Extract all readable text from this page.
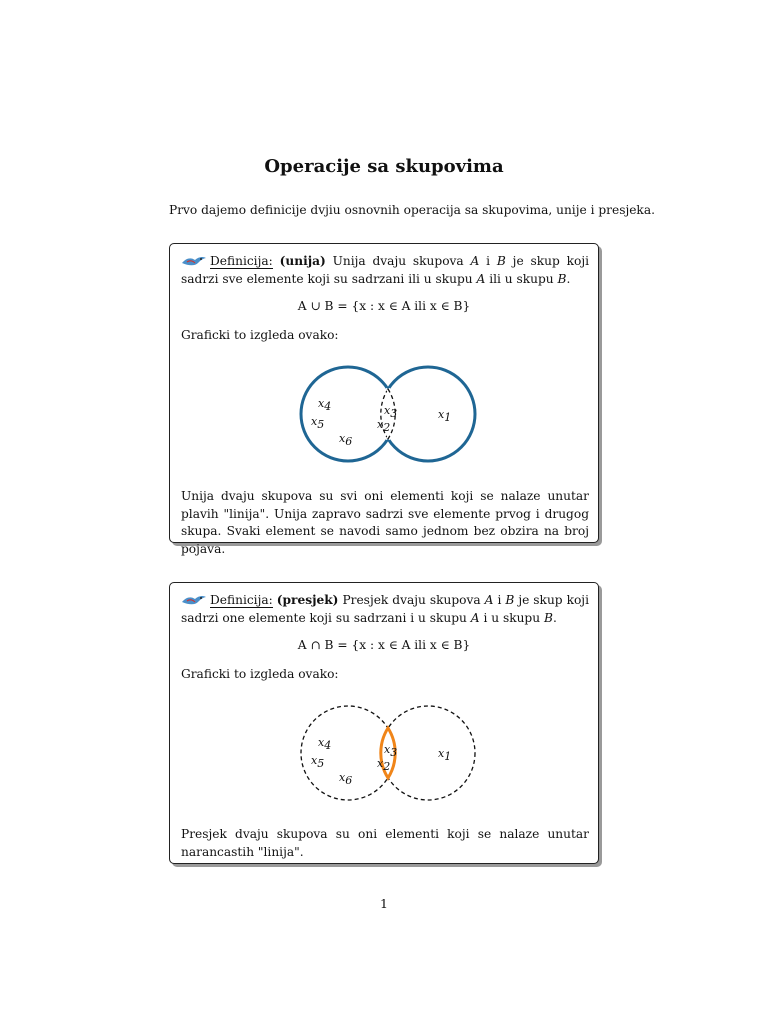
Operacije sa skupovima
Prvo dajemo definicije dvjiu osnovnih operacija sa skupovima, unije i presjeka.
Definicija: (unija) Unija dvaju skupova A i B je skup koji sadrzi sve elemente koji su sadrzani ili u skupu A ili u skupu B.
A ∪ B = {x : x ∈ A ili x ∈ B}
Graficki to izgleda ovako:
x4
x5
x6
x3
x2
x1
Unija dvaju skupova su svi oni elementi koji se nalaze unutar plavih "linija". Unija zapravo sadrzi sve elemente prvog i drugog skupa. Svaki element se navodi samo jednom bez obzira na broj pojava.
Definicija: (presjek) Presjek dvaju skupova A i B je skup koji sadrzi one elemente koji su sadrzani i u skupu A i u skupu B.
A ∩ B = {x : x ∈ A ili x ∈ B}
Graficki to izgleda ovako:
x4
x5
x6
x3
x2
x1
Presjek dvaju skupova su oni elementi koji se nalaze unutar narancastih "linija".
1
